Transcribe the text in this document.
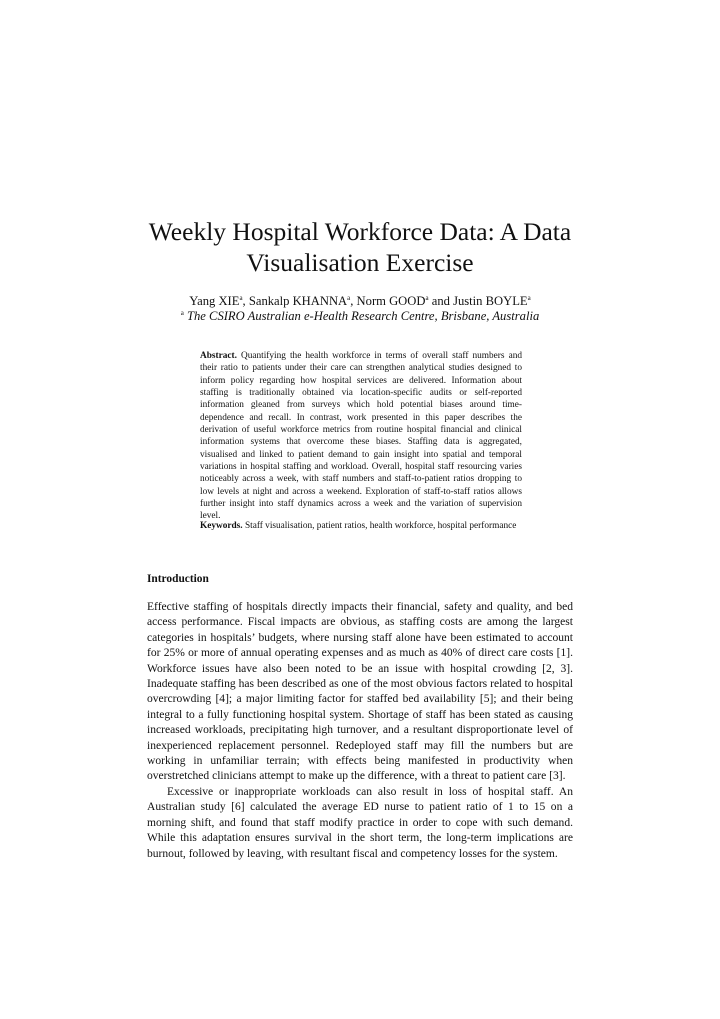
Weekly Hospital Workforce Data: A Data
Visualisation Exercise
Yang XIE$^a$, Sankalp KHANNA$^a$, Norm GOOD$^a$ and Justin BOYLE$^a$
$^a$ The CSIRO Australian e-Health Research Centre, Brisbane, Australia
Abstract. Quantifying the health workforce in terms of overall staff numbers and their ratio to patients under their care can strengthen analytical studies designed to inform policy regarding how hospital services are delivered. Information about staffing is traditionally obtained via location-specific audits or self-reported information gleaned from surveys which hold potential biases around time-dependence and recall. In contrast, work presented in this paper describes the derivation of useful workforce metrics from routine hospital financial and clinical information systems that overcome these biases. Staffing data is aggregated, visualised and linked to patient demand to gain insight into spatial and temporal variations in hospital staffing and workload. Overall, hospital staff resourcing varies noticeably across a week, with staff numbers and staff-to-patient ratios dropping to low levels at night and across a weekend. Exploration of staff-to-staff ratios allows further insight into staff dynamics across a week and the variation of supervision level.
Keywords. Staff visualisation, patient ratios, health workforce, hospital performance
Introduction

Effective staffing of hospitals directly impacts their financial, safety and quality, and bed access performance. Fiscal impacts are obvious, as staffing costs are among the largest categories in hospitals’ budgets, where nursing staff alone have been estimated to account for 25% or more of annual operating expenses and as much as 40% of direct care costs [1]. Workforce issues have also been noted to be an issue with hospital crowding [2, 3]. Inadequate staffing has been described as one of the most obvious factors related to hospital overcrowding [4]; a major limiting factor for staffed bed availability [5]; and their being integral to a fully functioning hospital system. Shortage of staff has been stated as causing increased workloads, precipitating high turnover, and a resultant disproportionate level of inexperienced replacement personnel. Redeployed staff may fill the numbers but are working in unfamiliar terrain; with effects being manifested in productivity when overstretched clinicians attempt to make up the difference, with a threat to patient care [3].

Excessive or inappropriate workloads can also result in loss of hospital staff. An Australian study [6] calculated the average ED nurse to patient ratio of 1 to 15 on a morning shift, and found that staff modify practice in order to cope with such demand. While this adaptation ensures survival in the short term, the long-term implications are burnout, followed by leaving, with resultant fiscal and competency losses for the system.
